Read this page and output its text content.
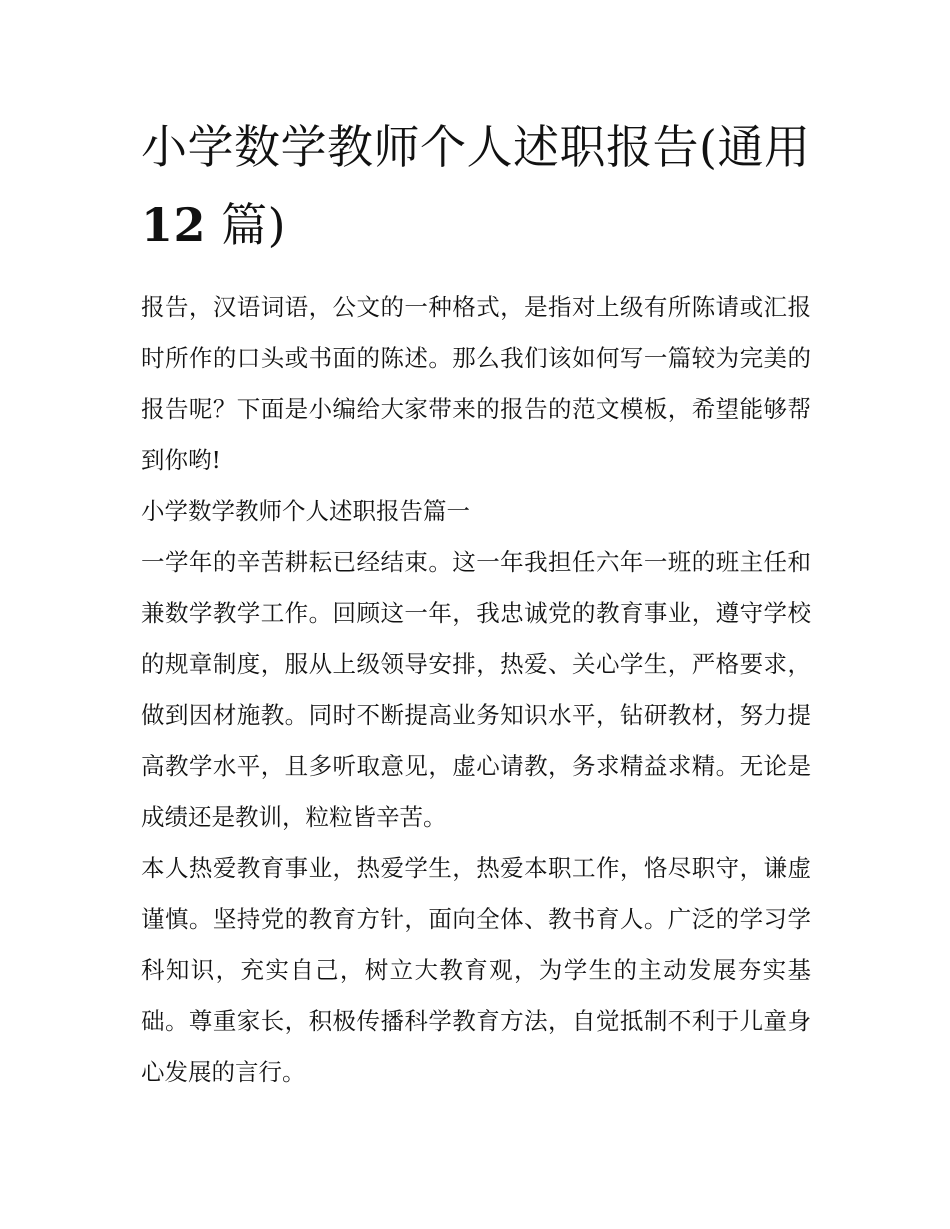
小学数学教师个人述职报告(通用
12 篇)

报告，汉语词语，公文的一种格式，是指对上级有所陈请或汇报时所作的口头或书面的陈述。那么我们该如何写一篇较为完美的报告呢？下面是小编给大家带来的报告的范文模板，希望能够帮到你哟!

小学数学教师个人述职报告篇一

一学年的辛苦耕耘已经结束。这一年我担任六年一班的班主任和兼数学教学工作。回顾这一年，我忠诚党的教育事业，遵守学校的规章制度，服从上级领导安排，热爱、关心学生，严格要求，做到因材施教。同时不断提高业务知识水平，钻研教材，努力提高教学水平，且多听取意见，虚心请教，务求精益求精。无论是成绩还是教训，粒粒皆辛苦。

本人热爱教育事业，热爱学生，热爱本职工作，恪尽职守，谦虚谨慎。坚持党的教育方针，面向全体、教书育人。广泛的学习学科知识，充实自己，树立大教育观，为学生的主动发展夯实基础。尊重家长，积极传播科学教育方法，自觉抵制不利于儿童身心发展的言行。
